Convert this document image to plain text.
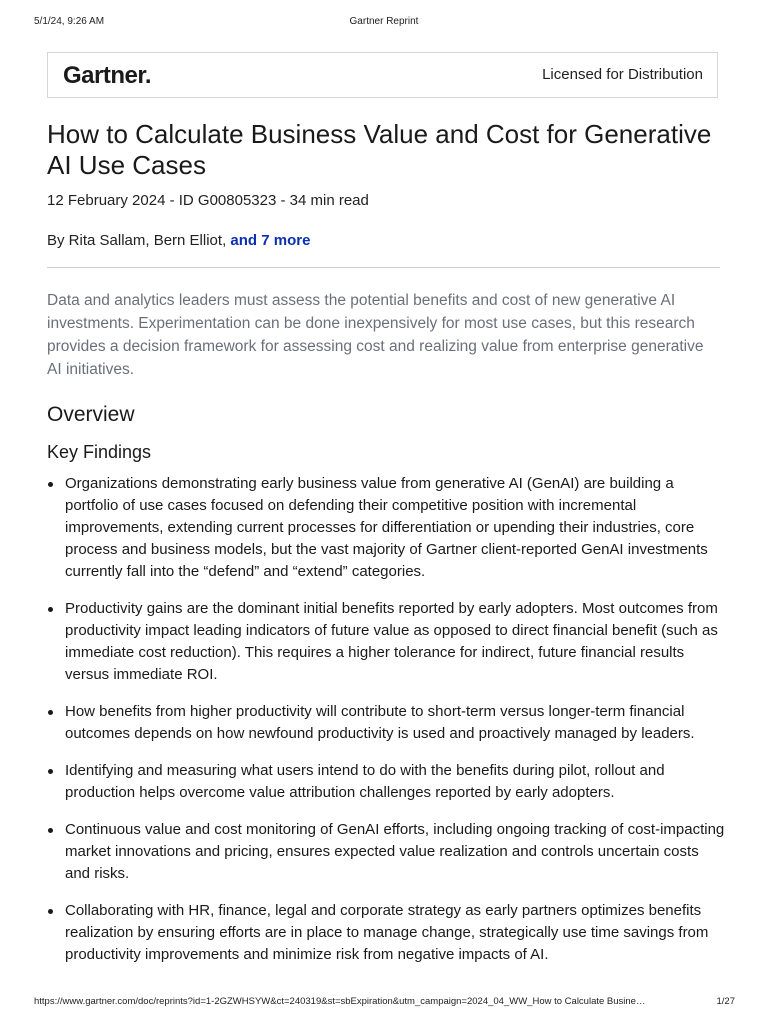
5/1/24, 9:26 AM	Gartner Reprint
Gartner.	Licensed for Distribution
How to Calculate Business Value and Cost for Generative AI Use Cases
12 February 2024 - ID G00805323 - 34 min read
By Rita Sallam, Bern Elliot, and 7 more

Data and analytics leaders must assess the potential benefits and cost of new generative AI investments. Experimentation can be done inexpensively for most use cases, but this research provides a decision framework for assessing cost and realizing value from enterprise generative AI initiatives.

Overview
Key Findings
Organizations demonstrating early business value from generative AI (GenAI) are building a portfolio of use cases focused on defending their competitive position with incremental improvements, extending current processes for differentiation or upending their industries, core process and business models, but the vast majority of Gartner client-reported GenAI investments currently fall into the “defend” and “extend” categories.
Productivity gains are the dominant initial benefits reported by early adopters. Most outcomes from productivity impact leading indicators of future value as opposed to direct financial benefit (such as immediate cost reduction). This requires a higher tolerance for indirect, future financial results versus immediate ROI.
How benefits from higher productivity will contribute to short-term versus longer-term financial outcomes depends on how newfound productivity is used and proactively managed by leaders.
Identifying and measuring what users intend to do with the benefits during pilot, rollout and production helps overcome value attribution challenges reported by early adopters.
Continuous value and cost monitoring of GenAI efforts, including ongoing tracking of cost-impacting market innovations and pricing, ensures expected value realization and controls uncertain costs and risks.
Collaborating with HR, finance, legal and corporate strategy as early partners optimizes benefits realization by ensuring efforts are in place to manage change, strategically use time savings from productivity improvements and minimize risk from negative impacts of AI.
https://www.gartner.com/doc/reprints?id=1-2GZWHSYW&ct=240319&st=sbExpiration&utm_campaign=2024_04_WW_How to Calculate Busine…	1/27
